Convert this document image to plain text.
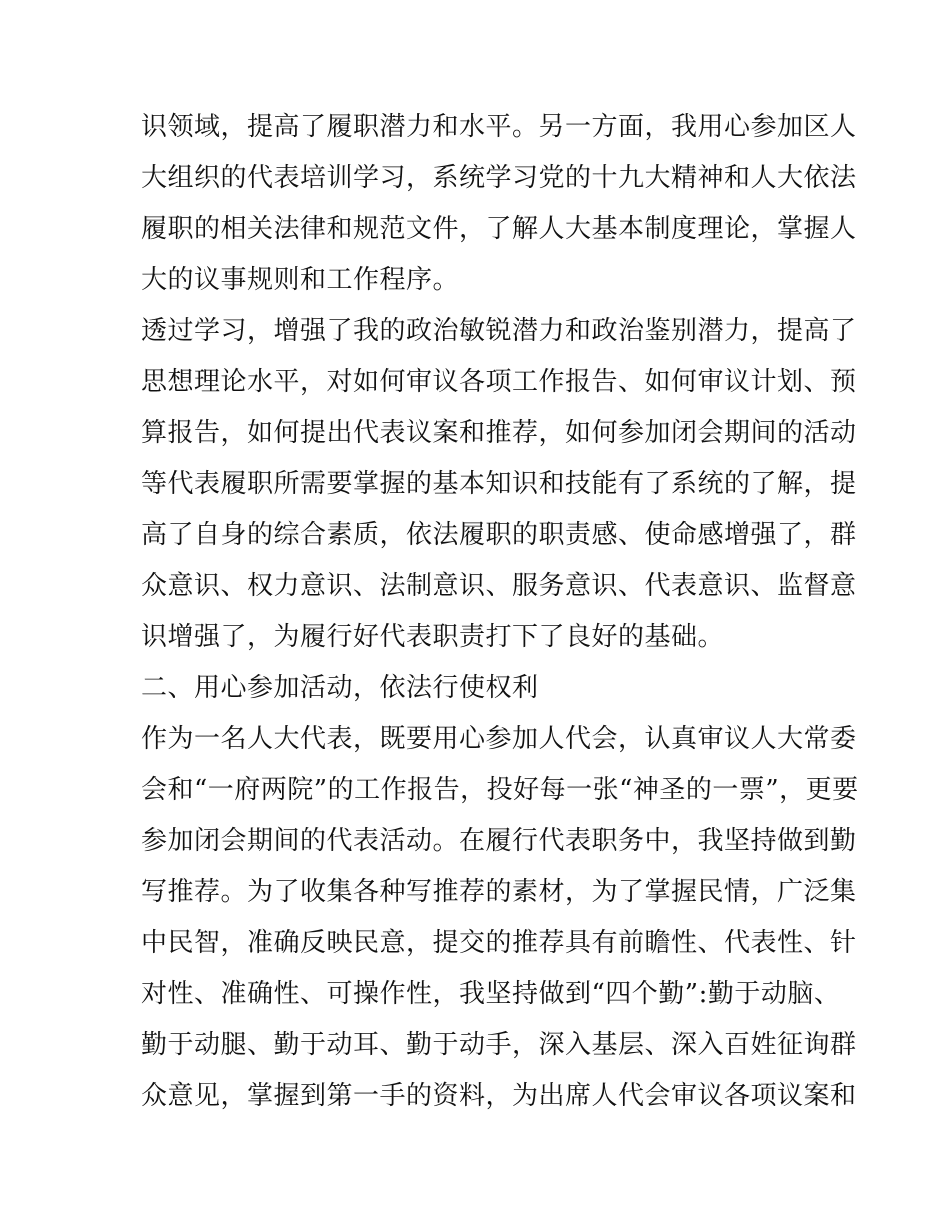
识领域，提高了履职潜力和水平。另一方面，我用心参加区人
大组织的代表培训学习，系统学习党的十九大精神和人大依法
履职的相关法律和规范文件，了解人大基本制度理论，掌握人
大的议事规则和工作程序。
透过学习，增强了我的政治敏锐潜力和政治鉴别潜力，提高了
思想理论水平，对如何审议各项工作报告、如何审议计划、预
算报告，如何提出代表议案和推荐，如何参加闭会期间的活动
等代表履职所需要掌握的基本知识和技能有了系统的了解，提
高了自身的综合素质，依法履职的职责感、使命感增强了，群
众意识、权力意识、法制意识、服务意识、代表意识、监督意
识增强了，为履行好代表职责打下了良好的基础。
二、用心参加活动，依法行使权利
作为一名人大代表，既要用心参加人代会，认真审议人大常委
会和“一府两院”的工作报告，投好每一张“神圣的一票”，更要
参加闭会期间的代表活动。在履行代表职务中，我坚持做到勤
写推荐。为了收集各种写推荐的素材，为了掌握民情，广泛集
中民智，准确反映民意，提交的推荐具有前瞻性、代表性、针
对性、准确性、可操作性，我坚持做到“四个勤”:勤于动脑、
勤于动腿、勤于动耳、勤于动手，深入基层、深入百姓征询群
众意见，掌握到第一手的资料，为出席人代会审议各项议案和
